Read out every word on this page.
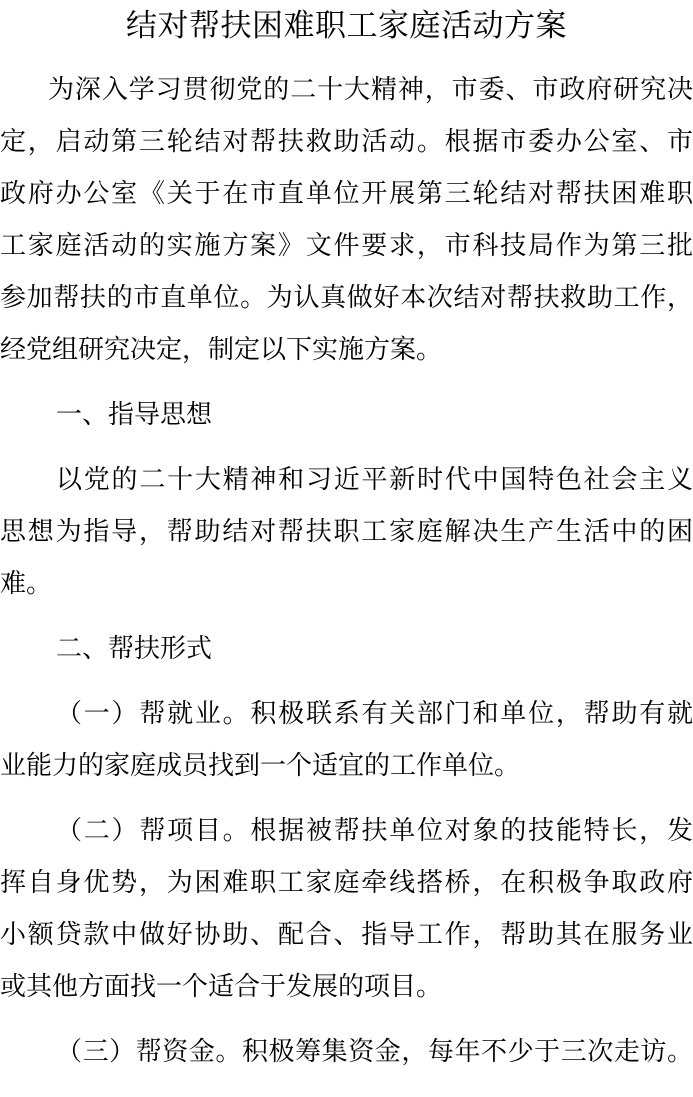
结对帮扶困难职工家庭活动方案
为深入学习贯彻党的二十大精神，市委、市政府研究决
定，启动第三轮结对帮扶救助活动。根据市委办公室、市
政府办公室《关于在市直单位开展第三轮结对帮扶困难职
工家庭活动的实施方案》文件要求，市科技局作为第三批
参加帮扶的市直单位。为认真做好本次结对帮扶救助工作，
经党组研究决定，制定以下实施方案。
一、指导思想
以党的二十大精神和习近平新时代中国特色社会主义
思想为指导，帮助结对帮扶职工家庭解决生产生活中的困
难。
二、帮扶形式
（一）帮就业。积极联系有关部门和单位，帮助有就
业能力的家庭成员找到一个适宜的工作单位。
（二）帮项目。根据被帮扶单位对象的技能特长，发
挥自身优势，为困难职工家庭牵线搭桥，在积极争取政府
小额贷款中做好协助、配合、指导工作，帮助其在服务业
或其他方面找一个适合于发展的项目。
（三）帮资金。积极筹集资金，每年不少于三次走访。
